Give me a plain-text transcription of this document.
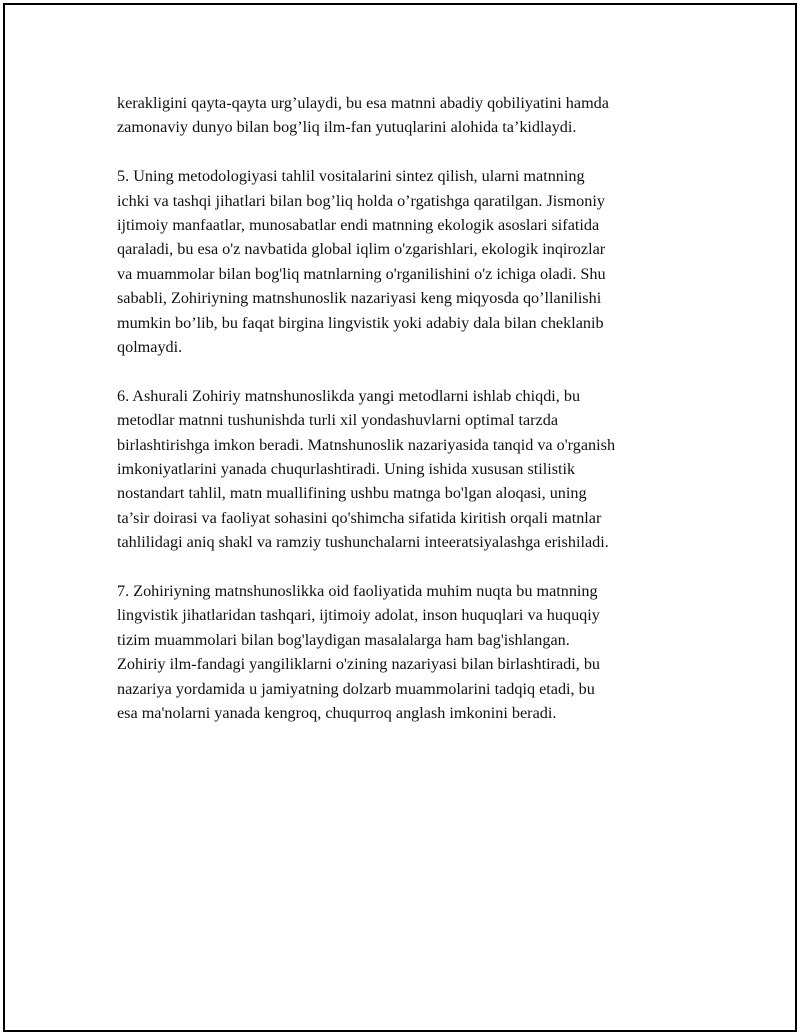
kerakligini qayta-qayta urg’ulaydi, bu esa matnni abadiy qobiliyatini hamda
zamonaviy dunyo bilan bog’liq ilm-fan yutuqlarini alohida ta’kidlaydi.

5. Uning metodologiyasi tahlil vositalarini sintez qilish, ularni matnning
ichki va tashqi jihatlari bilan bog’liq holda o’rgatishga qaratilgan. Jismoniy
ijtimoiy manfaatlar, munosabatlar endi matnning ekologik asoslari sifatida
qaraladi, bu esa o'z navbatida global iqlim o'zgarishlari, ekologik inqirozlar
va muammolar bilan bog'liq matnlarning o'rganilishini o'z ichiga oladi. Shu
sababli, Zohiriyning matnshunoslik nazariyasi keng miqyosda qo’llanilishi
mumkin bo’lib, bu faqat birgina lingvistik yoki adabiy dala bilan cheklanib
qolmaydi.

6. Ashurali Zohiriy matnshunoslikda yangi metodlarni ishlab chiqdi, bu
metodlar matnni tushunishda turli xil yondashuvlarni optimal tarzda
birlashtirishga imkon beradi. Matnshunoslik nazariyasida tanqid va o'rganish
imkoniyatlarini yanada chuqurlashtiradi. Uning ishida xususan stilistik
nostandart tahlil, matn muallifining ushbu matnga bo'lgan aloqasi, uning
ta’sir doirasi va faoliyat sohasini qo'shimcha sifatida kiritish orqali matnlar
tahlilidagi aniq shakl va ramziy tushunchalarni inteeratsiyalashga erishiladi.

7. Zohiriyning matnshunoslikka oid faoliyatida muhim nuqta bu matnning
lingvistik jihatlaridan tashqari, ijtimoiy adolat, inson huquqlari va huquqiy
tizim muammolari bilan bog'laydigan masalalarga ham bag'ishlangan.
Zohiriy ilm-fandagi yangiliklarni o'zining nazariyasi bilan birlashtiradi, bu
nazariya yordamida u jamiyatning dolzarb muammolarini tadqiq etadi, bu
esa ma'nolarni yanada kengroq, chuqurroq anglash imkonini beradi.
